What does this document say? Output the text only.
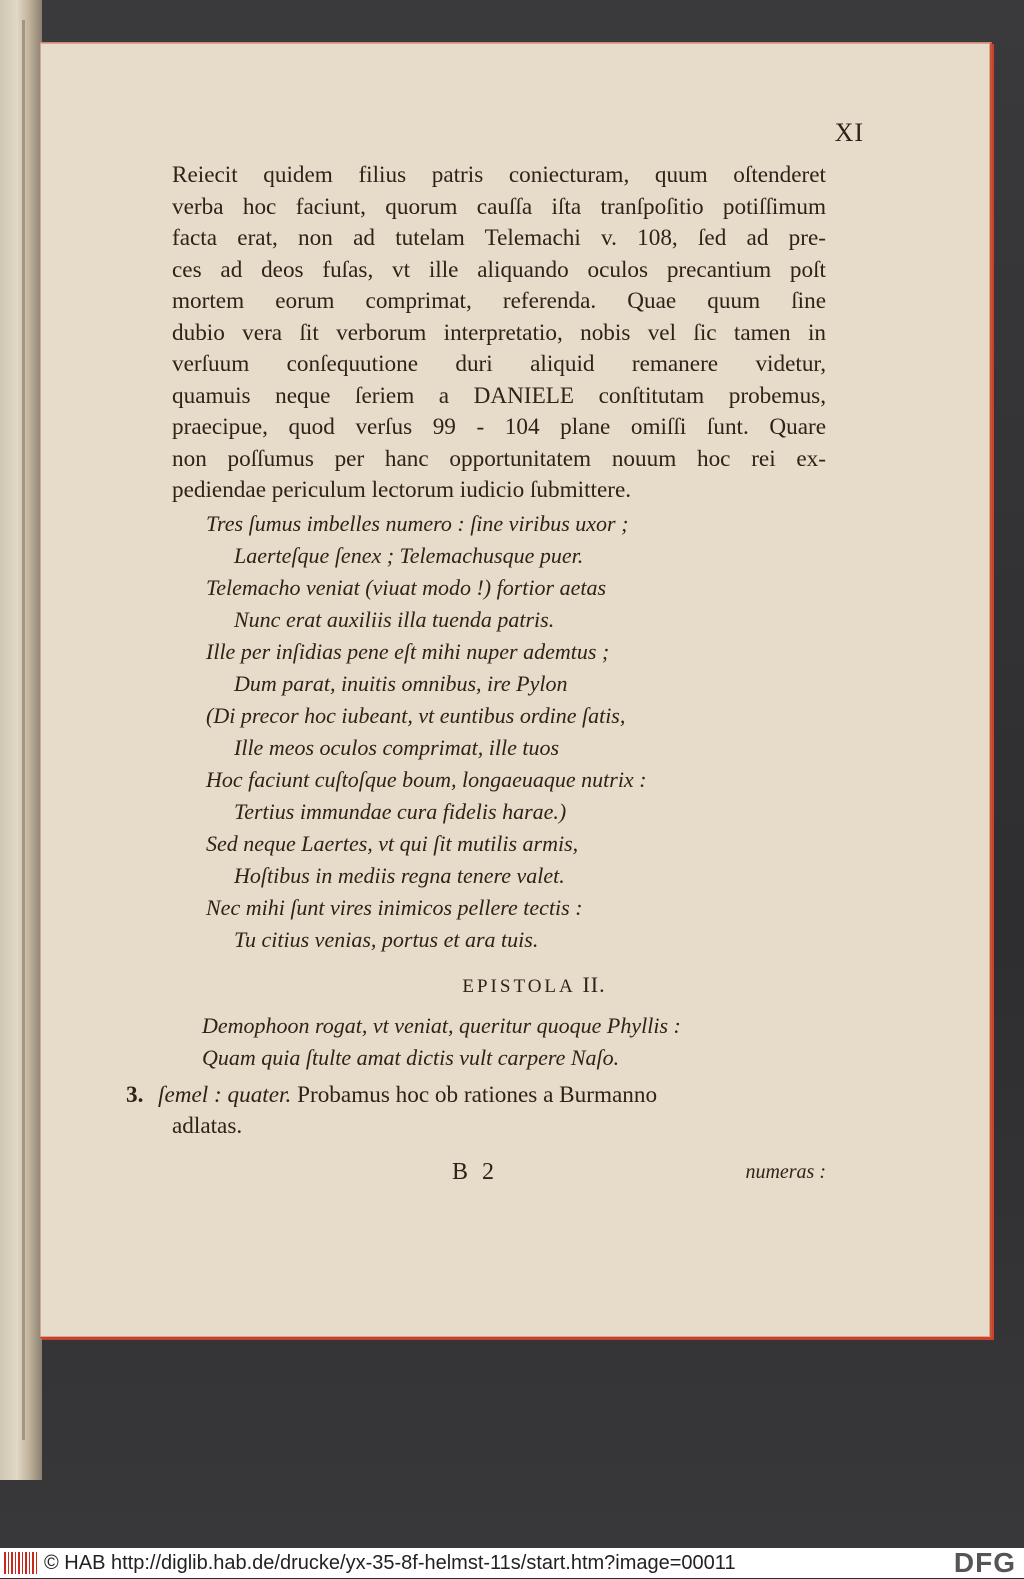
XI

Reiecit quidem filius patris coniecturam, quum oſtenderet
verba hoc faciunt, quorum cauſſa iſta tranſpoſitio potiſſimum
facta erat, non ad tutelam Telemachi v. 108, ſed ad pre-
ces ad deos fuſas, vt ille aliquando oculos precantium poſt
mortem eorum comprimat, referenda. Quae quum ſine
dubio vera ſit verborum interpretatio, nobis vel ſic tamen in
verſuum conſequutione duri aliquid remanere videtur,
quamuis neque ſeriem a DANIELE conſtitutam probemus,
praecipue, quod verſus 99 - 104 plane omiſſi ſunt. Quare
non poſſumus per hanc opportunitatem nouum hoc rei ex-
pediendae periculum lectorum iudicio ſubmittere.
Tres ſumus imbelles numero : ſine viribus uxor ;
Laerteſque ſenex ; Telemachusque puer.
Telemacho veniat (viuat modo !) fortior aetas
Nunc erat auxiliis illa tuenda patris.
Ille per inſidias pene eſt mihi nuper ademtus ;
Dum parat, inuitis omnibus, ire Pylon
(Di precor hoc iubeant, vt euntibus ordine ſatis,
Ille meos oculos comprimat, ille tuos
Hoc faciunt cuſtoſque boum, longaeuaque nutrix :
Tertius immundae cura fidelis harae.)
Sed neque Laertes, vt qui ſit mutilis armis,
Hoſtibus in mediis regna tenere valet.
Nec mihi ſunt vires inimicos pellere tectis :
Tu citius venias, portus et ara tuis.
EPISTOLA II.
Demophoon rogat, vt veniat, queritur quoque Phyllis :
Quam quia ſtulte amat dictis vult carpere Naſo.
3. ſemel : quater. Probamus hoc ob rationes a Burmanno
adlatas.
B 2	numeras :
© HAB http://diglib.hab.de/drucke/yx-35-8f-helmst-11s/start.htm?image=00011	DFG
